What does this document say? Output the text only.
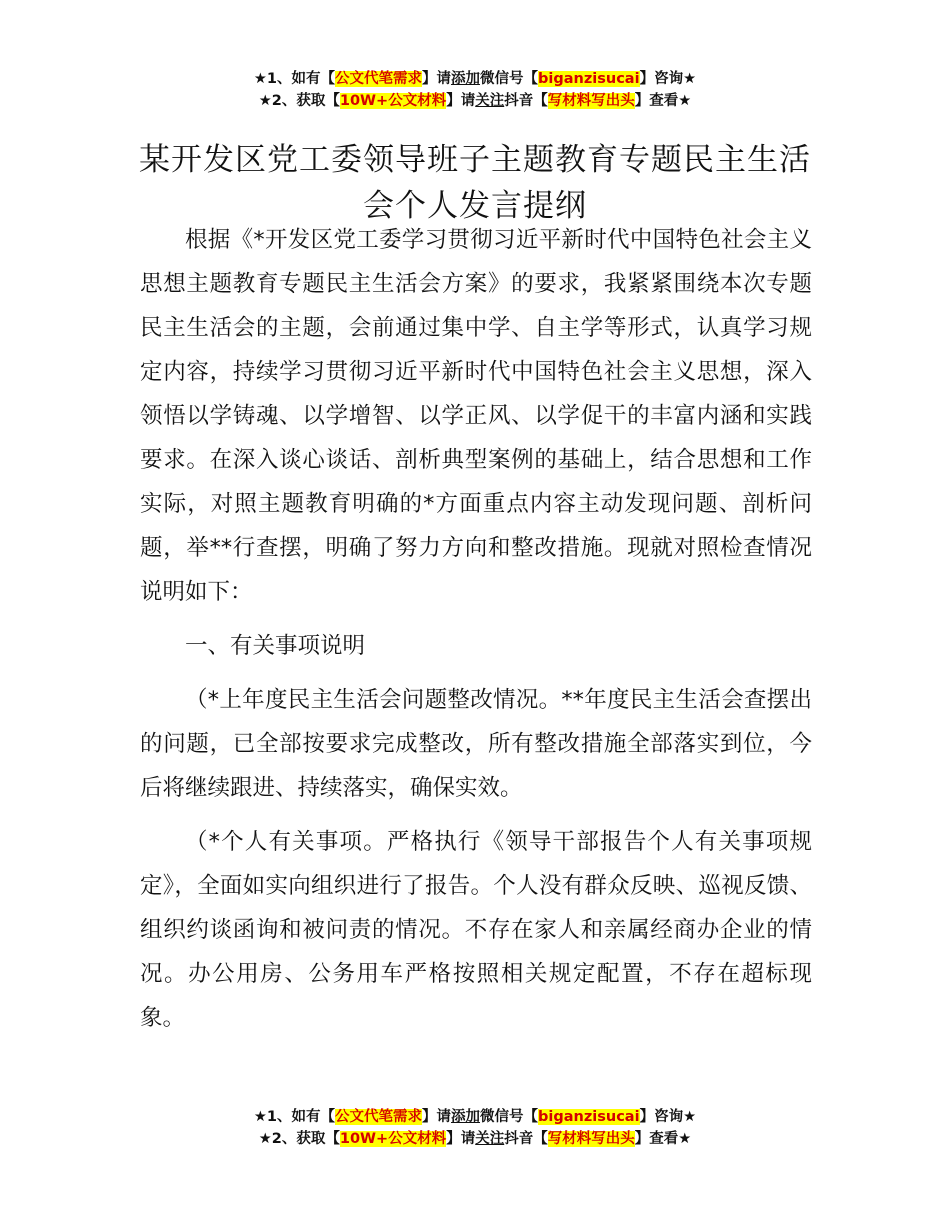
★1、如有【公文代笔需求】请添加微信号【biganzisucai】咨询★
★2、获取【10W+公文材料】请关注抖音【写材料写出头】查看★
某开发区党工委领导班子主题教育专题民主生活会个人发言提纲

根据《*开发区党工委学习贯彻习近平新时代中国特色社会主义思想主题教育专题民主生活会方案》的要求，我紧紧围绕本次专题民主生活会的主题，会前通过集中学、自主学等形式，认真学习规定内容，持续学习贯彻习近平新时代中国特色社会主义思想，深入领悟以学铸魂、以学增智、以学正风、以学促干的丰富内涵和实践要求。在深入谈心谈话、剖析典型案例的基础上，结合思想和工作实际，对照主题教育明确的*方面重点内容主动发现问题、剖析问题，举**行查摆，明确了努力方向和整改措施。现就对照检查情况说明如下：

一、有关事项说明

（*上年度民主生活会问题整改情况。**年度民主生活会查摆出的问题，已全部按要求完成整改，所有整改措施全部落实到位，今后将继续跟进、持续落实，确保实效。

（*个人有关事项。严格执行《领导干部报告个人有关事项规定》，全面如实向组织进行了报告。个人没有群众反映、巡视反馈、组织约谈函询和被问责的情况。不存在家人和亲属经商办企业的情况。办公用房、公务用车严格按照相关规定配置，不存在超标现象。

★1、如有【公文代笔需求】请添加微信号【biganzisucai】咨询★
★2、获取【10W+公文材料】请关注抖音【写材料写出头】查看★
